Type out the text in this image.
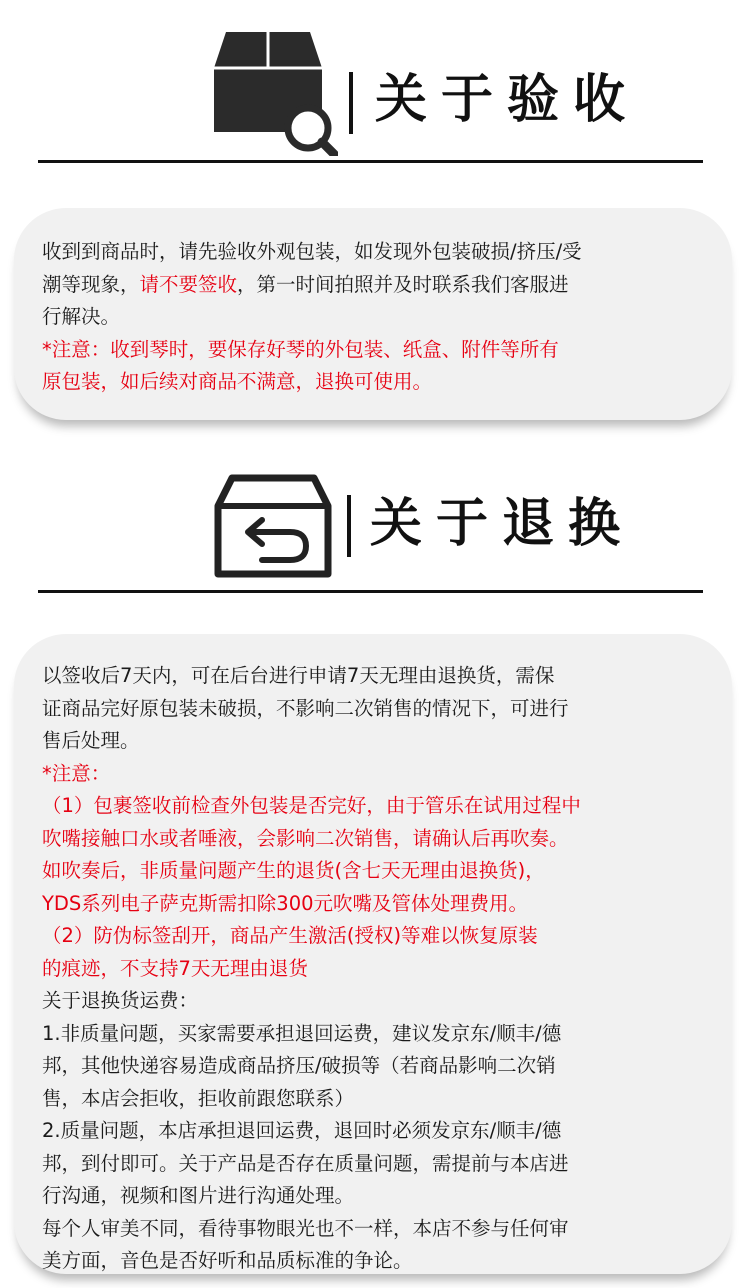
关于验收

收到到商品时，请先验收外观包装，如发现外包装破损/挤压/受

潮等现象，请不要签收，第一时间拍照并及时联系我们客服进

行解决。

*注意：收到琴时，要保存好琴的外包装、纸盒、附件等所有

原包装，如后续对商品不满意，退换可使用。

关于退换

以签收后7天内，可在后台进行申请7天无理由退换货，需保

证商品完好原包装未破损，不影响二次销售的情况下，可进行

售后处理。

*注意：

（1）包裹签收前检查外包装是否完好，由于管乐在试用过程中

吹嘴接触口水或者唾液，会影响二次销售，请确认后再吹奏。

如吹奏后，非质量问题产生的退货(含七天无理由退换货)，

YDS系列电子萨克斯需扣除300元吹嘴及管体处理费用。

（2）防伪标签刮开，商品产生激活(授权)等难以恢复原装

的痕迹，不支持7天无理由退货

关于退换货运费：

1.非质量问题，买家需要承担退回运费，建议发京东/顺丰/德

邦，其他快递容易造成商品挤压/破损等（若商品影响二次销

售，本店会拒收，拒收前跟您联系）

2.质量问题，本店承担退回运费，退回时必须发京东/顺丰/德

邦，到付即可。关于产品是否存在质量问题，需提前与本店进

行沟通，视频和图片进行沟通处理。

每个人审美不同，看待事物眼光也不一样，本店不参与任何审

美方面，音色是否好听和品质标准的争论。
